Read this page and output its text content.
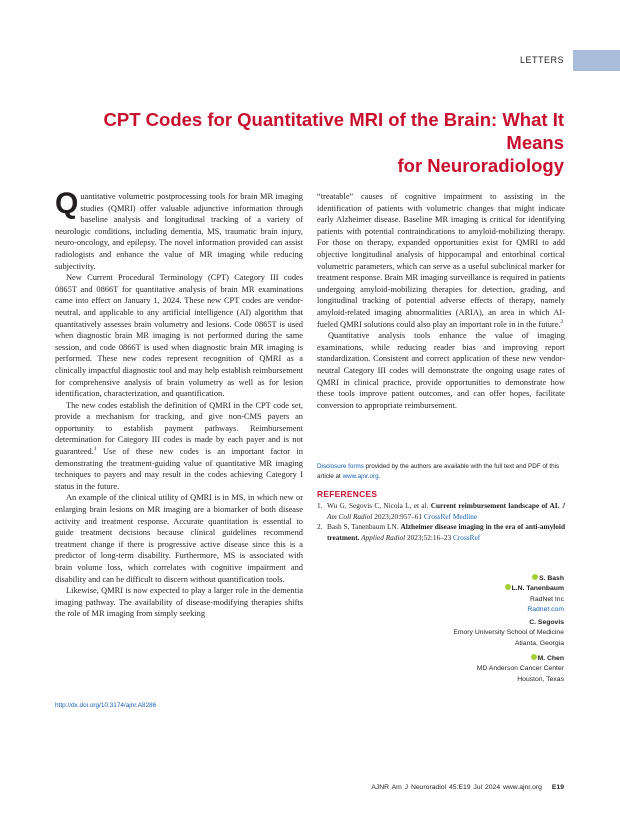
LETTERS
CPT Codes for Quantitative MRI of the Brain: What It Means
for Neuroradiology

Quantitative volumetric postprocessing tools for brain MR imaging studies (QMRI) offer valuable adjunctive information through baseline analysis and longitudinal tracking of a variety of neurologic conditions, including dementia, MS, traumatic brain injury, neuro-oncology, and epilepsy. The novel information provided can assist radiologists and enhance the value of MR imaging while reducing subjectivity.

New Current Procedural Terminology (CPT) Category III codes 0865T and 0866T for quantitative analysis of brain MR examinations came into effect on January 1, 2024. These new CPT codes are vendor-neutral, and applicable to any artificial intelligence (AI) algorithm that quantitatively assesses brain volumetry and lesions. Code 0865T is used when diagnostic brain MR imaging is not performed during the same session, and code 0866T is used when diagnostic brain MR imaging is performed. These new codes represent recognition of QMRI as a clinically impactful diagnostic tool and may help establish reimbursement for comprehensive analysis of brain volumetry as well as for lesion identification, characterization, and quantification.

The new codes establish the definition of QMRI in the CPT code set, provide a mechanism for tracking, and give non-CMS payers an opportunity to establish payment pathways. Reimbursement determination for Category III codes is made by each payer and is not guaranteed.$^1$ Use of these new codes is an important factor in demonstrating the treatment-guiding value of quantitative MR imaging techniques to payers and may result in the codes achieving Category I status in the future.

An example of the clinical utility of QMRI is in MS, in which new or enlarging brain lesions on MR imaging are a biomarker of both disease activity and treatment response. Accurate quantitation is essential to guide treatment decisions because clinical guidelines recommend treatment change if there is progressive active disease since this is a predictor of long-term disability. Furthermore, MS is associated with brain volume loss, which correlates with cognitive impairment and disability and can be difficult to discern without quantification tools.

Likewise, QMRI is now expected to play a larger role in the dementia imaging pathway. The availability of disease-modifying therapies shifts the role of MR imaging from simply seeking

“treatable” causes of cognitive impairment to assisting in the identification of patients with volumetric changes that might indicate early Alzheimer disease. Baseline MR imaging is critical for identifying patients with potential contraindications to amyloid-mobilizing therapy. For those on therapy, expanded opportunities exist for QMRI to add objective longitudinal analysis of hippocampal and entorhinal cortical volumetric parameters, which can serve as a useful subclinical marker for treatment response. Brain MR imaging surveillance is required in patients undergoing amyloid-mobilizing therapies for detection, grading, and longitudinal tracking of potential adverse effects of therapy, namely amyloid-related imaging abnormalities (ARIA), an area in which AI-fueled QMRI solutions could also play an important role in in the future.$^2$

Quantitative analysis tools enhance the value of imaging examinations, while reducing reader bias and improving report standardization. Consistent and correct application of these new vendor-neutral Category III codes will demonstrate the ongoing usage rates of QMRI in clinical practice, provide opportunities to demonstrate how these tools improve patient outcomes, and can offer hopes, facilitate conversion to appropriate reimbursement.

Disclosure forms provided by the authors are available with the full text and PDF of this article at www.ajnr.org.
REFERENCES
1. Wu G, Segovis C, Nicola L, et al. Current reimbursement landscape of AI. J Am Coll Radiol 2023;20:957–61 CrossRef Medline
2. Bash S, Tanenbaum LN. Alzheimer disease imaging in the era of anti-amyloid treatment. Applied Radiol 2023;52:16–23 CrossRef
S. Bash
L.N. Tanenbaum
RadNet Inc
Radnet.com
C. Segovis
Emory University School of Medicine
Atlanta, Georgia
M. Chen
MD Anderson Cancer Center
Houston, Texas
http://dx.doi.org/10.3174/ajnr.A8286
AJNR Am J Neuroradiol 45:E19 Jul 2024 www.ajnr.org E19
